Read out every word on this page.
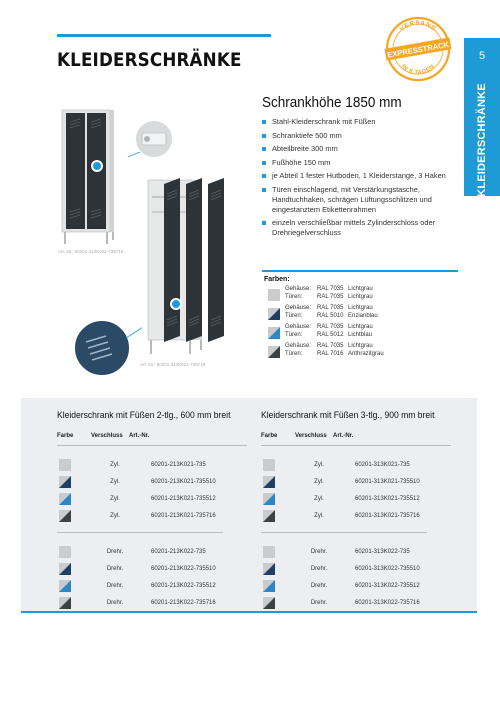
KLEIDERSCHRÄNKE
VERSAND
EXPRESSTRACK
IN 8 TAGEN
5
KLEIDERSCHRÄNKE
Art.-Nr.: 60201-213K021-735716
Art.-Nr.: 60201-313K021-735716
Schrankhöhe 1850 mm
Stahl-Kleiderschrank mit Füßen
Schranktiefe 500 mm
Abteilbreite 300 mm
Fußhöhe 150 mm
je Abteil 1 fester Hutboden, 1 Kleiderstange, 3 Haken
Türen einschlagend, mit Verstärkungstasche, Handtuchhaken, schrägen Lüftungsschlitzen und eingestanztem Etikettenrahmen
einzeln verschließbar mittels Zylinderschloss oder Drehriegelverschluss
Farben:
Gehäuse: RAL 7035 Lichtgrau
Türen: RAL 7035 Lichtgrau
Gehäuse: RAL 7035 Lichtgrau
Türen: RAL 5010 Enzianblau
Gehäuse: RAL 7035 Lichtgrau
Türen: RAL 5012 Lichtblau
Gehäuse: RAL 7035 Lichtgrau
Türen: RAL 7016 Anthrazitgrau
Kleiderschrank mit Füßen 2-tlg., 600 mm breit
Farbe	Verschluss	Art.-Nr.
Zyl.	60201-213K021-735
Zyl.	60201-213K021-735510
Zyl.	60201-213K021-735512
Zyl.	60201-213K021-735716
Drehr.	60201-213K022-735
Drehr.	60201-213K022-735510
Drehr.	60201-213K022-735512
Drehr.	60201-213K022-735716
Kleiderschrank mit Füßen 3-tlg., 900 mm breit
Farbe	Verschluss	Art.-Nr.
Zyl.	60201-313K021-735
Zyl.	60201-313K021-735510
Zyl.	60201-313K021-735512
Zyl.	60201-313K021-735716
Drehr.	60201-313K022-735
Drehr.	60201-313K022-735510
Drehr.	60201-313K022-735512
Drehr.	60201-313K022-735716
